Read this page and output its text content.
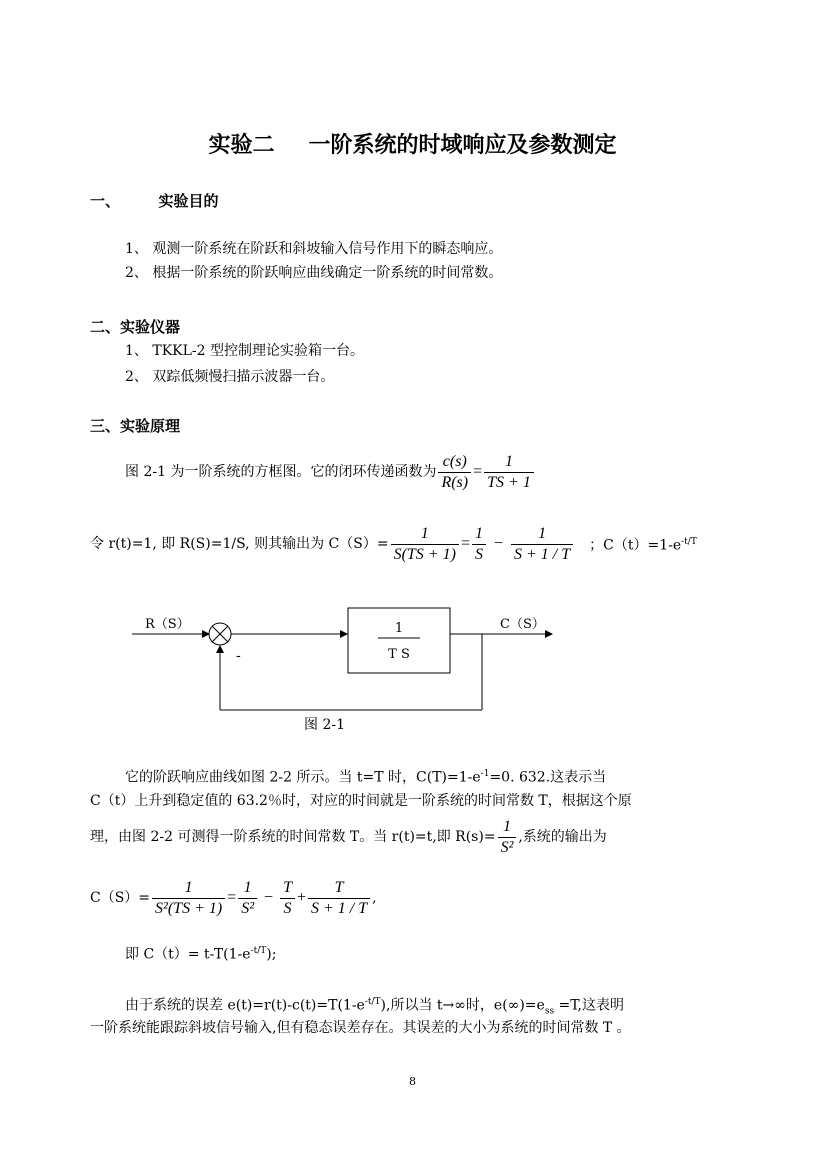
实验二 一阶系统的时域响应及参数测定
一、	实验目的
1、 观测一阶系统在阶跃和斜坡输入信号作用下的瞬态响应。
2、 根据一阶系统的阶跃响应曲线确定一阶系统的时间常数。
二、实验仪器
1、 TKKL-2 型控制理论实验箱一台。
2、 双踪低频慢扫描示波器一台。
三、实验原理
图 2-1 为一阶系统的方框图。它的闭环传递函数为 $\frac{c(s)}{R(s)} = \frac{1}{TS + 1}$
令 r(t)=1, 即 R(S)=1/S, 则其输出为 $C(S)= \frac{1}{S(TS + 1)} = \frac{1}{S} - \frac{1}{S + 1 / T}$ ；$C(t)=1-e^{-t/T}$
R（S）	C（S）
1
T S
-
图 2-1
它的阶跃响应曲线如图 2-2 所示。当 t=T 时，$C(T)=1-e^{-1}=0$. 632.这表示当
C（t）上升到稳定值的 63.2％时，对应的时间就是一阶系统的时间常数 T，根据这个原
理，由图 2-2 可测得一阶系统的时间常数 T。当 r(t)=t,即 $R(s)= \frac{1}{\text{S²}}$ ,系统的输出为
$C(S)= \frac{1}{\text{S²(TS + 1)}} = \frac{1}{\text{S²}} - \frac{T}{S} + \frac{T}{S + 1 / T}$ ,
即 $C(t)= t-T(1-e^{-t/T})$;
由于系统的误差 $e(t)=r(t)-c(t)=T(1-e^{-t/T})$,所以当 t→∞时，$e(\infty)=e_{ss} =T$,这表明
一阶系统能跟踪斜坡信号输入,但有稳态误差存在。其误差的大小为系统的时间常数 T 。
8
